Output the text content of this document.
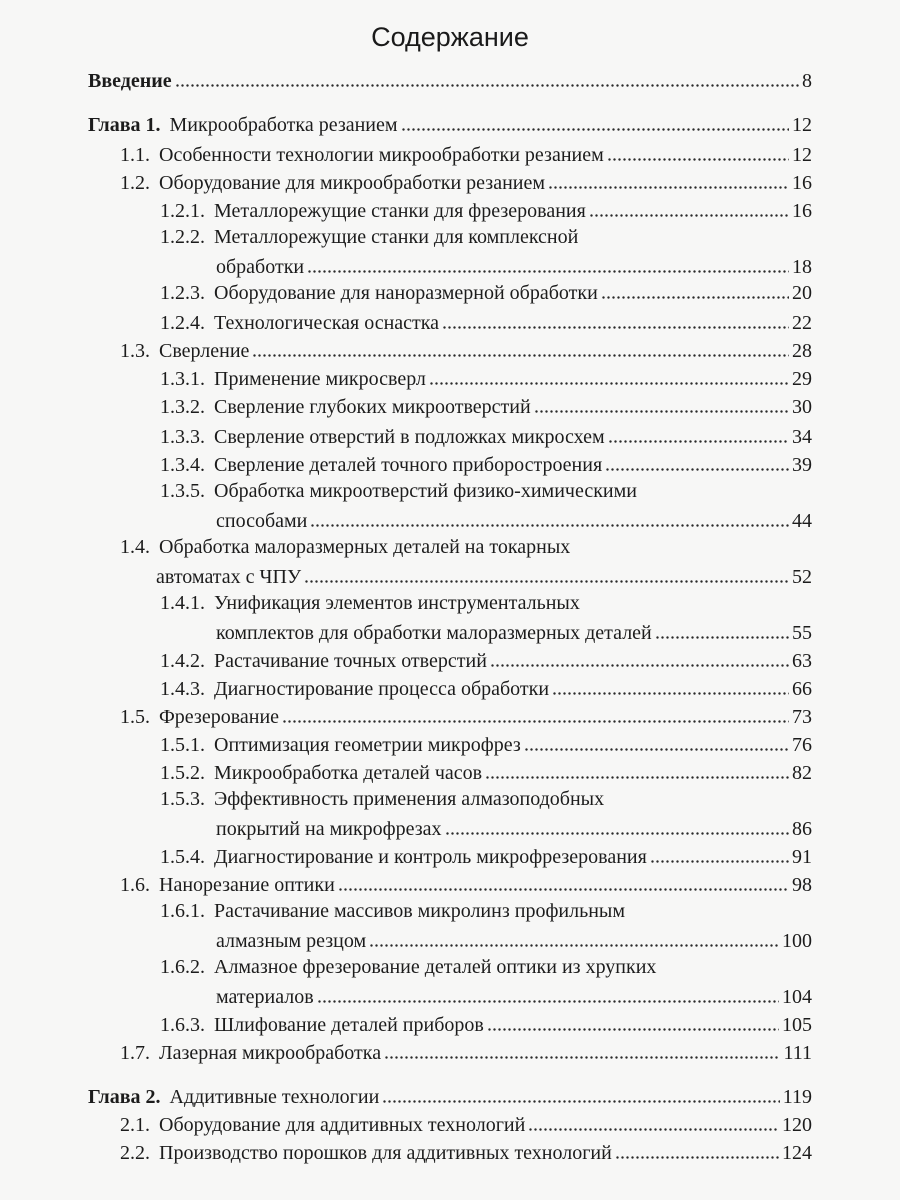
Содержание
Введение	8
Глава 1. Микрообработка резанием	12
1.1. Особенности технологии микрообработки резанием	12
1.2. Оборудование для микрообработки резанием	16
1.2.1. Металлорежущие станки для фрезерования	16
1.2.2. Металлорежущие станки для комплексной
обработки	18
1.2.3. Оборудование для наноразмерной обработки	20
1.2.4. Технологическая оснастка	22
1.3. Сверление	28
1.3.1. Применение микросверл	29
1.3.2. Сверление глубоких микроотверстий	30
1.3.3. Сверление отверстий в подложках микросхем	34
1.3.4. Сверление деталей точного приборостроения	39
1.3.5. Обработка микроотверстий физико-химическими
способами	44
1.4. Обработка малоразмерных деталей на токарных
автоматах с ЧПУ	52
1.4.1. Унификация элементов инструментальных
комплектов для обработки малоразмерных деталей	55
1.4.2. Растачивание точных отверстий	63
1.4.3. Диагностирование процесса обработки	66
1.5. Фрезерование	73
1.5.1. Оптимизация геометрии микрофрез	76
1.5.2. Микрообработка деталей часов	82
1.5.3. Эффективность применения алмазоподобных
покрытий на микрофрезах	86
1.5.4. Диагностирование и контроль микрофрезерования	91
1.6. Нанорезание оптики	98
1.6.1. Растачивание массивов микролинз профильным
алмазным резцом	100
1.6.2. Алмазное фрезерование деталей оптики из хрупких
материалов	104
1.6.3. Шлифование деталей приборов	105
1.7. Лазерная микрообработка	111
Глава 2. Аддитивные технологии	119
2.1. Оборудование для аддитивных технологий	120
2.2. Производство порошков для аддитивных технологий	124
